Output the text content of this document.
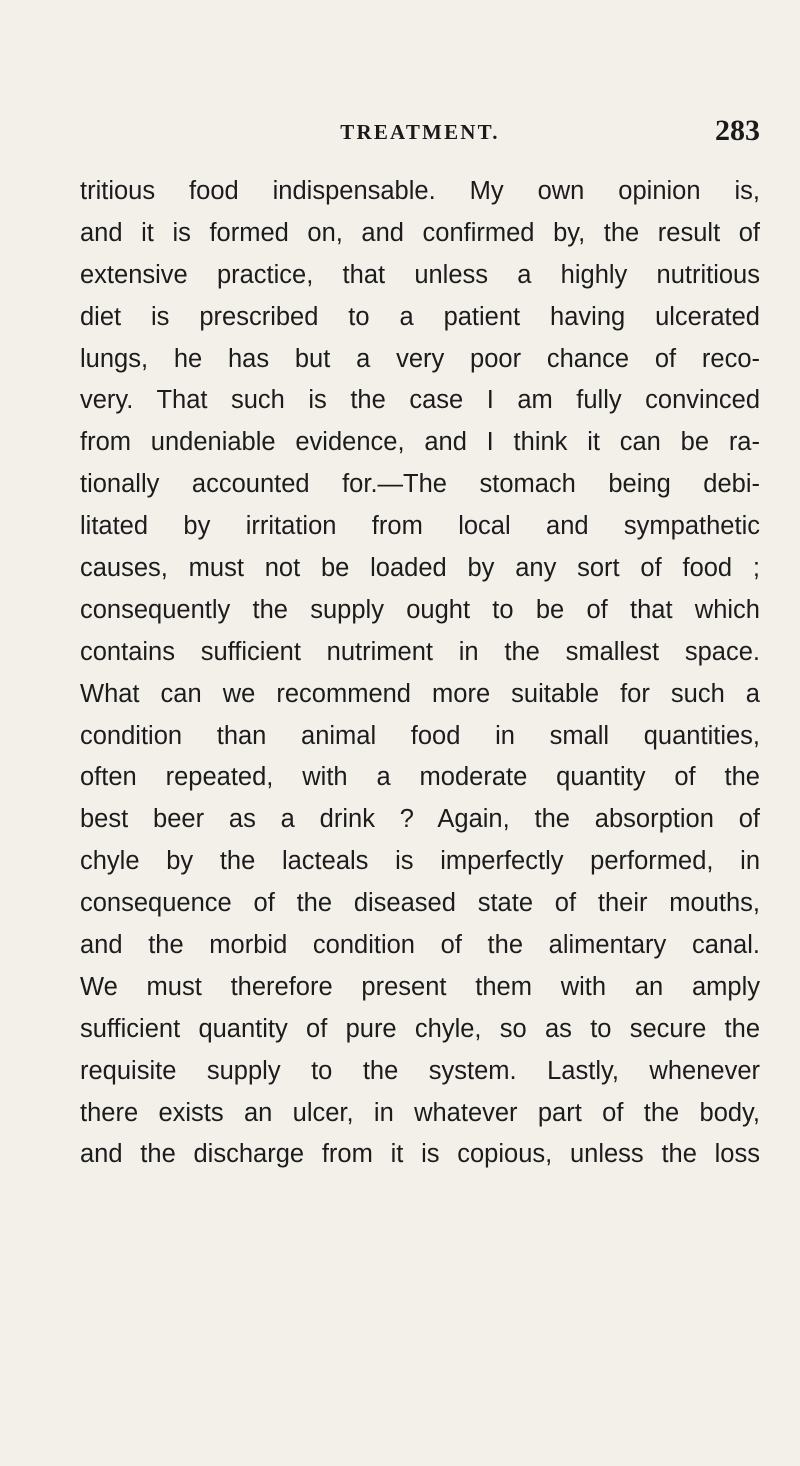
TREATMENT.	283
tritious food indispensable. My own opinion is,
and it is formed on, and confirmed by, the result of
extensive practice, that unless a highly nutritious
diet is prescribed to a patient having ulcerated
lungs, he has but a very poor chance of reco-
very. That such is the case I am fully convinced
from undeniable evidence, and I think it can be ra-
tionally accounted for.—The stomach being debi-
litated by irritation from local and sympathetic
causes, must not be loaded by any sort of food ;
consequently the supply ought to be of that which
contains sufficient nutriment in the smallest space.
What can we recommend more suitable for such a
condition than animal food in small quantities,
often repeated, with a moderate quantity of the
best beer as a drink ? Again, the absorption of
chyle by the lacteals is imperfectly performed, in
consequence of the diseased state of their mouths,
and the morbid condition of the alimentary canal.
We must therefore present them with an amply
sufficient quantity of pure chyle, so as to secure the
requisite supply to the system. Lastly, whenever
there exists an ulcer, in whatever part of the body,
and the discharge from it is copious, unless the loss
